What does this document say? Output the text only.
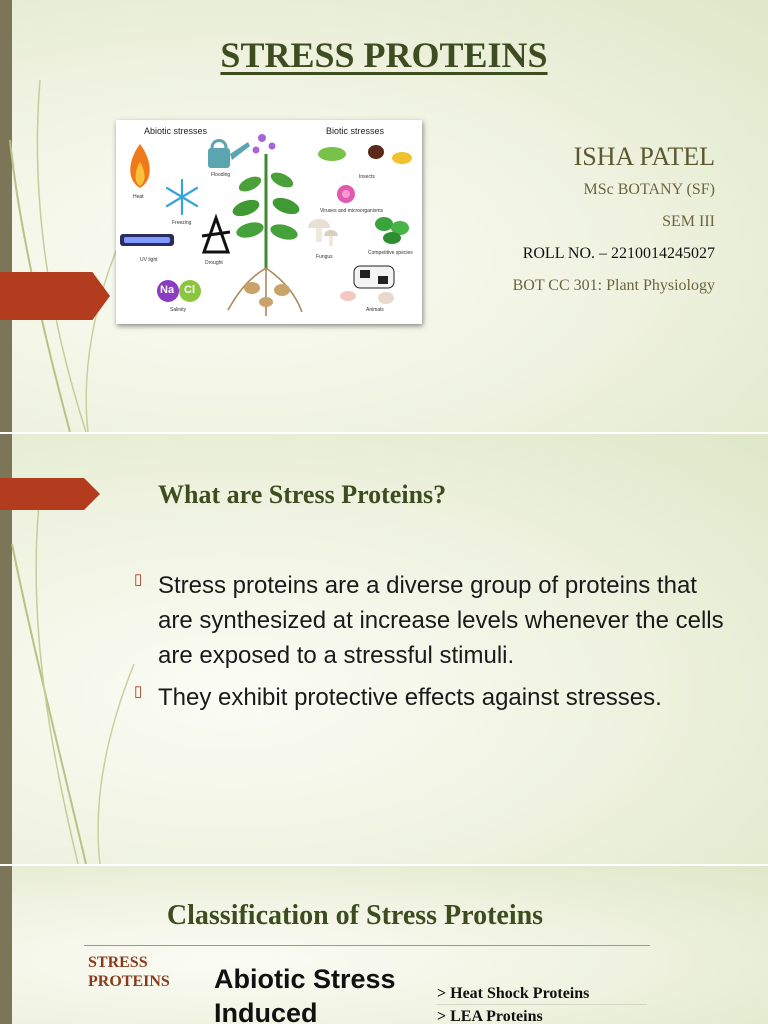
STRESS PROTEINS
Abiotic stresses	Biotic stresses
Heat
Flooding
Freezing
UV light	Drought
Salinity
Na Cl
Insects
Viruses and microorganisms
Fungus
Competitive species
Animals
ISHA PATEL
MSc BOTANY (SF)
SEM III
ROLL NO. – 2210014245027
BOT CC 301: Plant Physiology
What are Stress Proteins?
▯ Stress proteins are a diverse group of proteins that are synthesized at increase levels whenever the cells are exposed to a stressful stimuli.
▯ They exhibit protective effects against stresses.
Classification of Stress Proteins
STRESS
PROTEINS Abiotic Stress
Induced
> Heat Shock Proteins
> LEA Proteins
